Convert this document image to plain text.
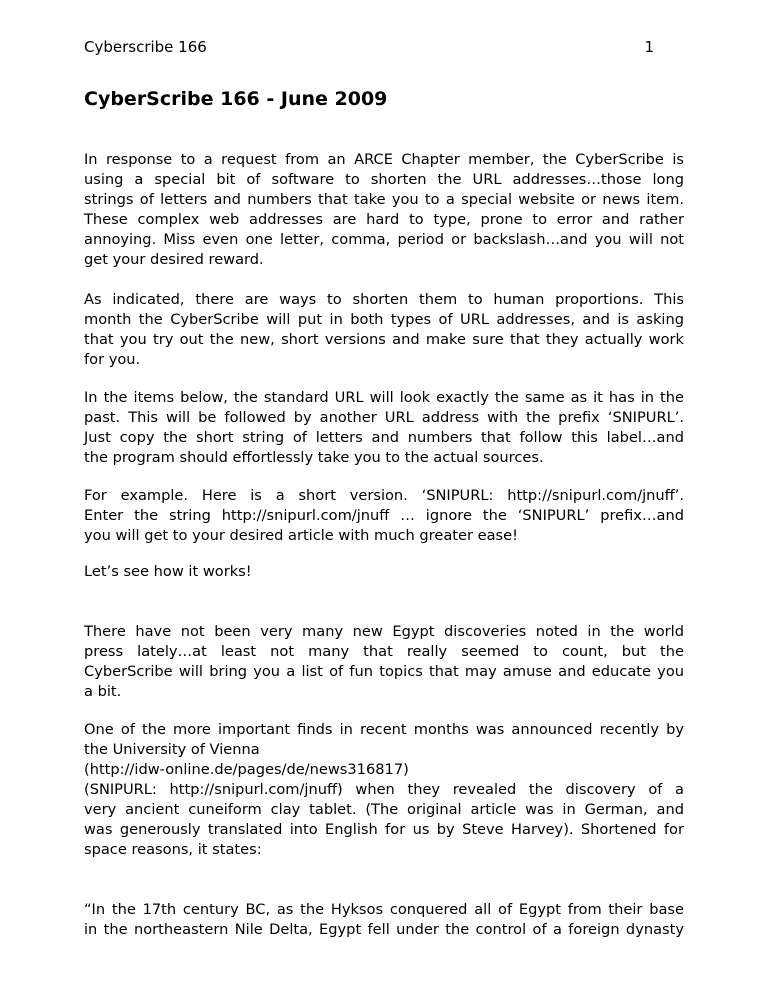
Cyberscribe 166	1
CyberScribe 166 - June 2009

In response to a request from an ARCE Chapter member, the CyberScribe is
using a special bit of software to shorten the URL addresses…those long
strings of letters and numbers that take you to a special website or news item.
These complex web addresses are hard to type, prone to error and rather
annoying. Miss even one letter, comma, period or backslash…and you will not
get your desired reward.

As indicated, there are ways to shorten them to human proportions. This
month the CyberScribe will put in both types of URL addresses, and is asking
that you try out the new, short versions and make sure that they actually work
for you.

In the items below, the standard URL will look exactly the same as it has in the
past. This will be followed by another URL address with the prefix ‘SNIPURL’.
Just copy the short string of letters and numbers that follow this label…and
the program should effortlessly take you to the actual sources.

For example. Here is a short version. ‘SNIPURL: http://snipurl.com/jnuff’.
Enter the string http://snipurl.com/jnuff … ignore the ‘SNIPURL’ prefix…and
you will get to your desired article with much greater ease!

Let’s see how it works!

There have not been very many new Egypt discoveries noted in the world
press lately…at least not many that really seemed to count, but the
CyberScribe will bring you a list of fun topics that may amuse and educate you
a bit.

One of the more important finds in recent months was announced recently by
the University of Vienna
(http://idw-online.de/pages/de/news316817)
(SNIPURL: http://snipurl.com/jnuff) when they revealed the discovery of a
very ancient cuneiform clay tablet. (The original article was in German, and
was generously translated into English for us by Steve Harvey). Shortened for
space reasons, it states:

“In the 17th century BC, as the Hyksos conquered all of Egypt from their base
in the northeastern Nile Delta, Egypt fell under the control of a foreign dynasty
